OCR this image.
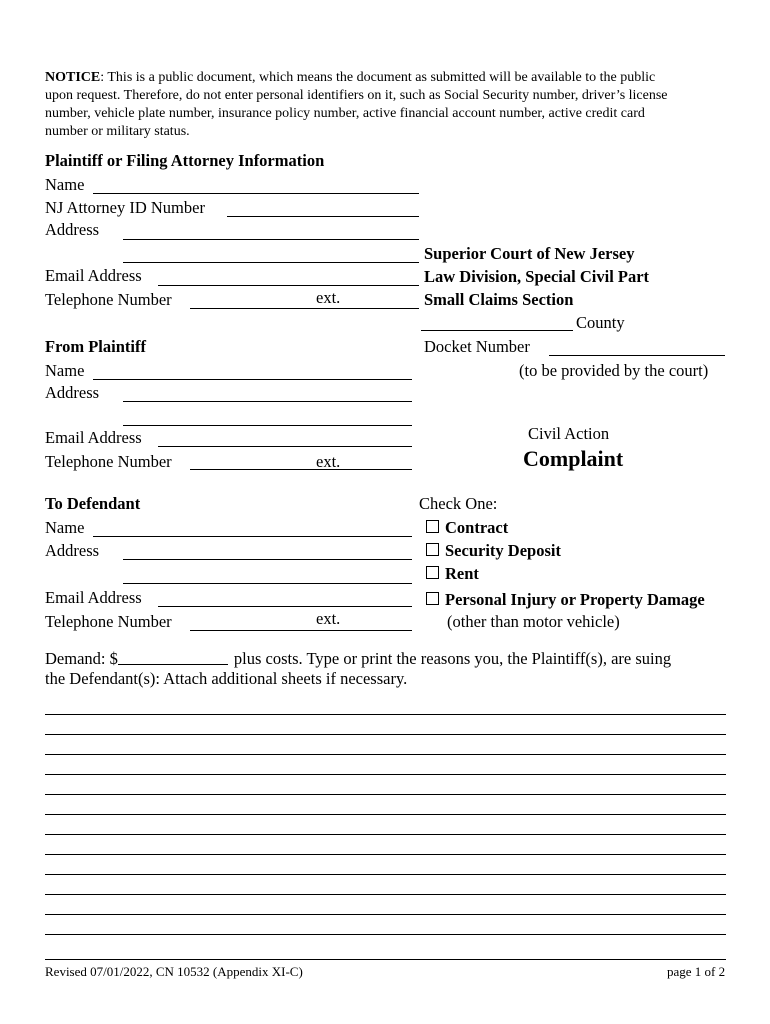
NOTICE: This is a public document, which means the document as submitted will be available to the public
upon request. Therefore, do not enter personal identifiers on it, such as Social Security number, driver’s license
number, vehicle plate number, insurance policy number, active financial account number, active credit card
number or military status.
Plaintiff or Filing Attorney Information
Name
NJ Attorney ID Number
Address
Email Address
Telephone Number	ext.
Superior Court of New Jersey
Law Division, Special Civil Part
Small Claims Section
County
Docket Number
(to be provided by the court)
From Plaintiff
Name
Address
Email Address
Telephone Number	ext.
Civil Action
Complaint
To Defendant
Name
Address
Email Address
Telephone Number	ext.
Check One:
Contract
Security Deposit
Rent
Personal Injury or Property Damage
(other than motor vehicle)
Demand: $	plus costs. Type or print the reasons you, the Plaintiff(s), are suing
the Defendant(s): Attach additional sheets if necessary.
Revised 07/01/2022, CN 10532 (Appendix XI-C)	page 1 of 2
